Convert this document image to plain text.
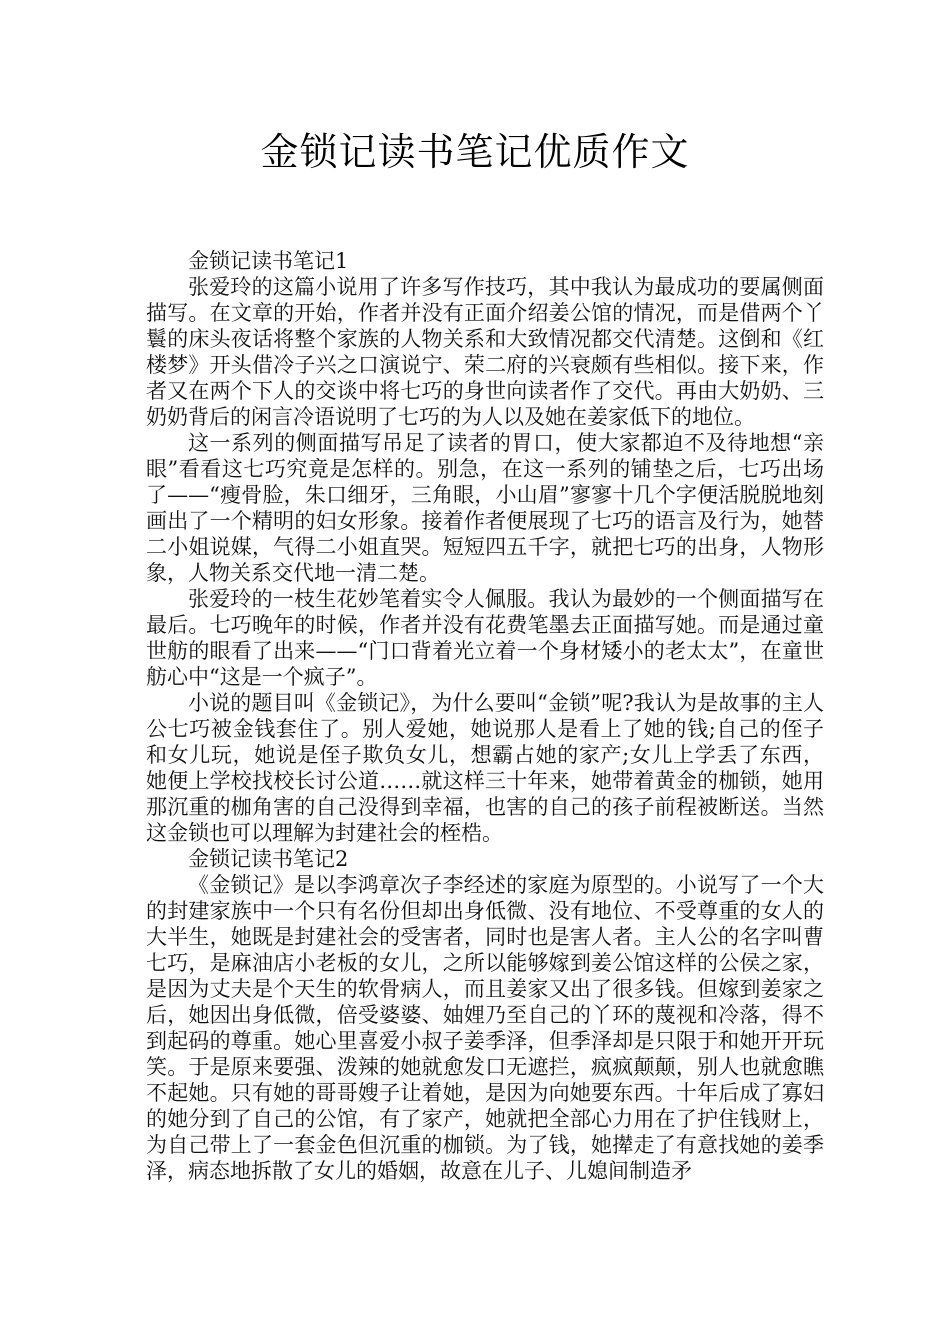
金锁记读书笔记优质作文

金锁记读书笔记1

张爱玲的这篇小说用了许多写作技巧，其中我认为最成功的要属侧面描写。在文章的开始，作者并没有正面介绍姜公馆的情况，而是借两个丫鬟的床头夜话将整个家族的人物关系和大致情况都交代清楚。这倒和《红楼梦》开头借冷子兴之口演说宁、荣二府的兴衰颇有些相似。接下来，作者又在两个下人的交谈中将七巧的身世向读者作了交代。再由大奶奶、三奶奶背后的闲言冷语说明了七巧的为人以及她在姜家低下的地位。

这一系列的侧面描写吊足了读者的胃口，使大家都迫不及待地想“亲眼”看看这七巧究竟是怎样的。别急，在这一系列的铺垫之后，七巧出场了——“瘦骨脸，朱口细牙，三角眼，小山眉”寥寥十几个字便活脱脱地刻画出了一个精明的妇女形象。接着作者便展现了七巧的语言及行为，她替二小姐说媒，气得二小姐直哭。短短四五千字，就把七巧的出身，人物形象，人物关系交代地一清二楚。

张爱玲的一枝生花妙笔着实令人佩服。我认为最妙的一个侧面描写在最后。七巧晚年的时候，作者并没有花费笔墨去正面描写她。而是通过童世舫的眼看了出来——“门口背着光立着一个身材矮小的老太太”，在童世舫心中“这是一个疯子”。

小说的题目叫《金锁记》，为什么要叫“金锁”呢?我认为是故事的主人公七巧被金钱套住了。别人爱她，她说那人是看上了她的钱;自己的侄子和女儿玩，她说是侄子欺负女儿，想霸占她的家产;女儿上学丢了东西，她便上学校找校长讨公道……就这样三十年来，她带着黄金的枷锁，她用那沉重的枷角害的自己没得到幸福，也害的自己的孩子前程被断送。当然这金锁也可以理解为封建社会的桎梏。

金锁记读书笔记2

《金锁记》是以李鸿章次子李经述的家庭为原型的。小说写了一个大的封建家族中一个只有名份但却出身低微、没有地位、不受尊重的女人的大半生，她既是封建社会的受害者，同时也是害人者。主人公的名字叫曹七巧，是麻油店小老板的女儿，之所以能够嫁到姜公馆这样的公侯之家，是因为丈夫是个天生的软骨病人，而且姜家又出了很多钱。但嫁到姜家之后，她因出身低微，倍受婆婆、妯娌乃至自己的丫环的蔑视和冷落，得不到起码的尊重。她心里喜爱小叔子姜季泽，但季泽却是只限于和她开开玩笑。于是原来要强、泼辣的她就愈发口无遮拦，疯疯颠颠，别人也就愈瞧不起她。只有她的哥哥嫂子让着她，是因为向她要东西。十年后成了寡妇的她分到了自己的公馆，有了家产，她就把全部心力用在了护住钱财上，为自己带上了一套金色但沉重的枷锁。为了钱，她撵走了有意找她的姜季泽，病态地拆散了女儿的婚姻，故意在儿子、儿媳间制造矛
